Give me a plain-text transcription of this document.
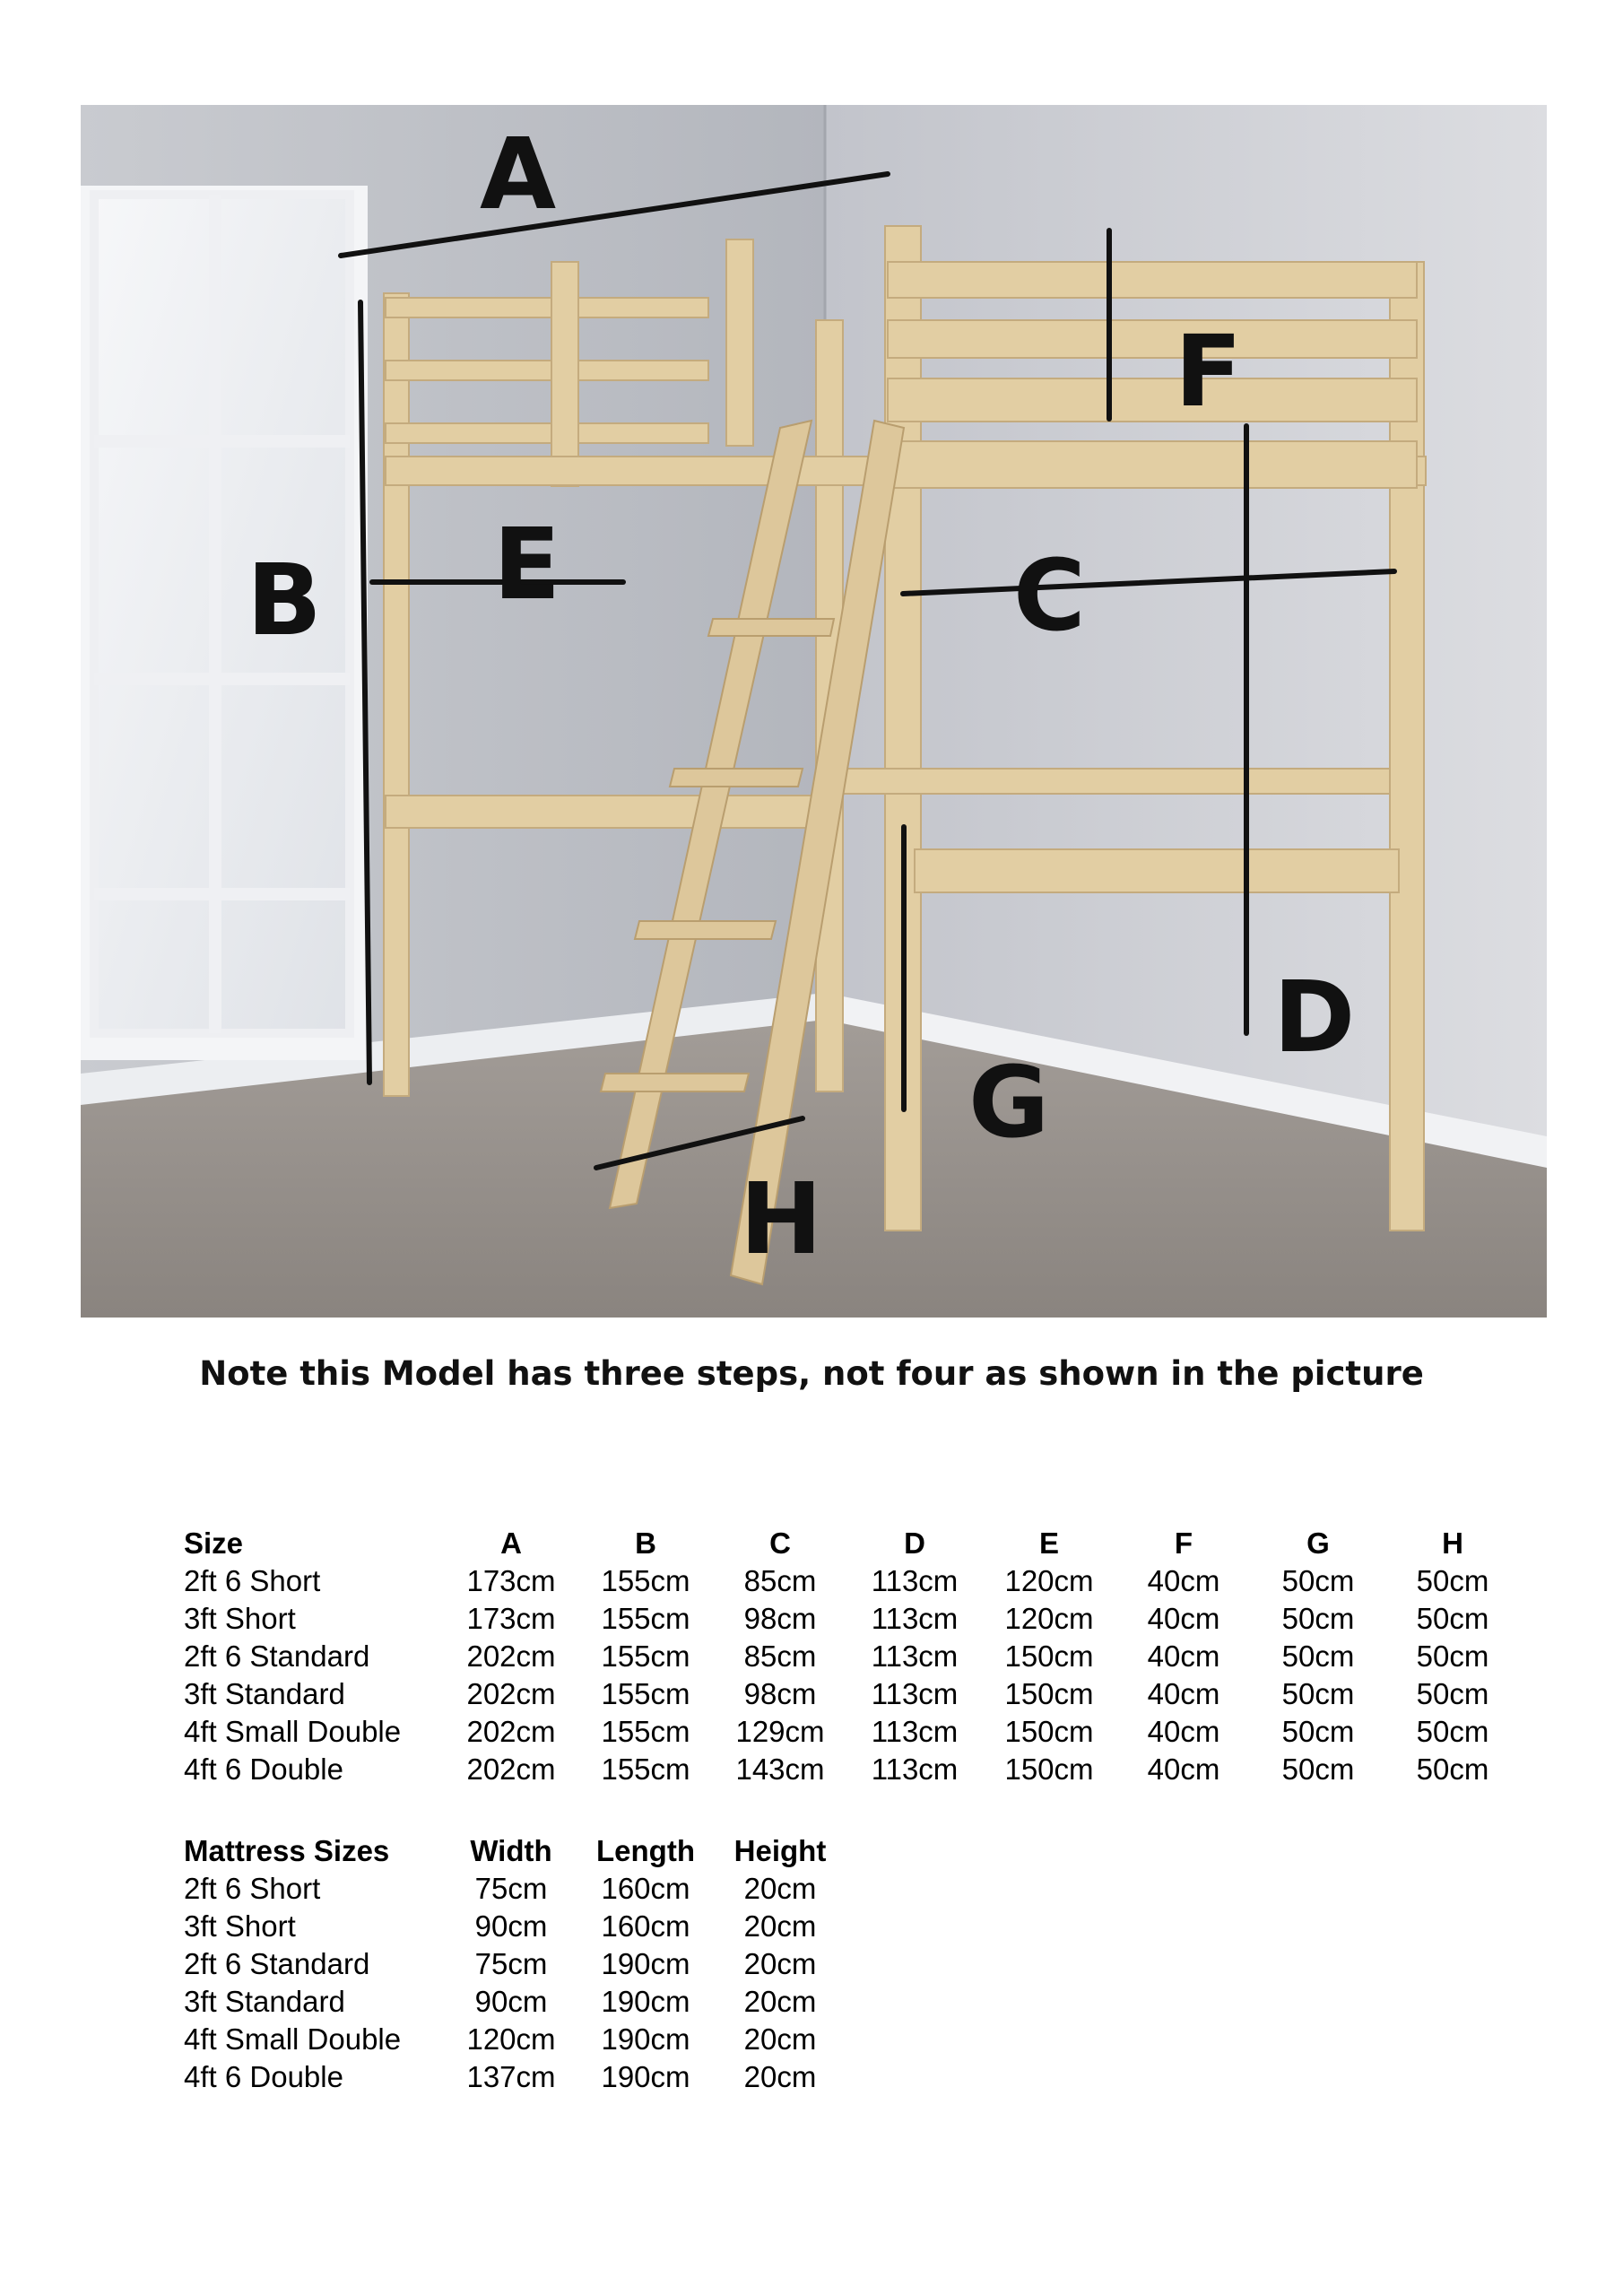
A
B	C
D
E
F
G
H
Note this Model has three steps, not four as shown in the picture
Size	A	B	C	D	E	F	G	H
2ft 6 Short	173cm	155cm	85cm	113cm	120cm	40cm	50cm	50cm
3ft Short	173cm	155cm	98cm	113cm	120cm	40cm	50cm	50cm
2ft 6 Standard	202cm	155cm	85cm	113cm	150cm	40cm	50cm	50cm
3ft Standard	202cm	155cm	98cm	113cm	150cm	40cm	50cm	50cm
4ft Small Double	202cm	155cm	129cm	113cm	150cm	40cm	50cm	50cm
4ft 6 Double	202cm	155cm	143cm	113cm	150cm	40cm	50cm	50cm
Mattress Sizes	Width	Length	Height
2ft 6 Short	75cm	160cm	20cm
3ft Short	90cm	160cm	20cm
2ft 6 Standard	75cm	190cm	20cm
3ft Standard	90cm	190cm	20cm
4ft Small Double	120cm	190cm	20cm
4ft 6 Double	137cm	190cm	20cm
